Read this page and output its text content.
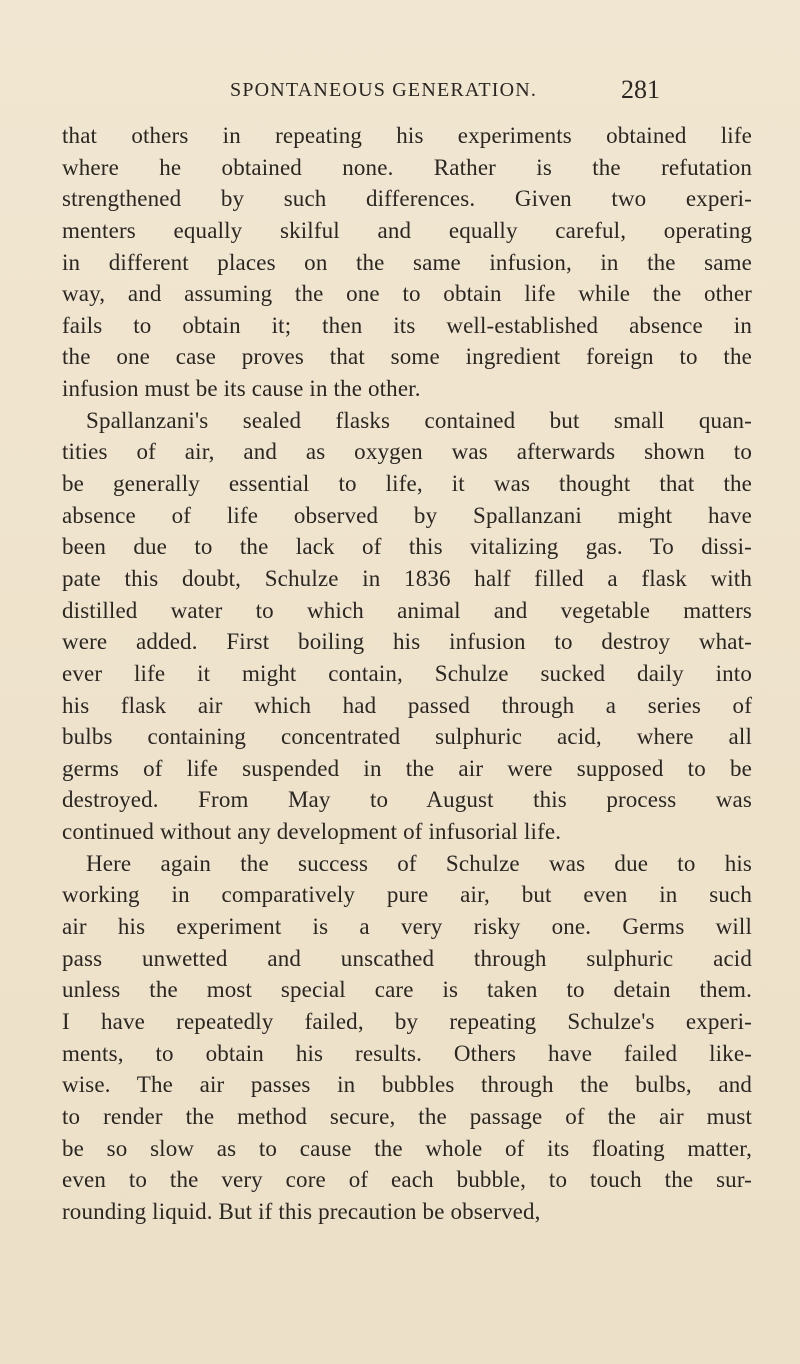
SPONTANEOUS GENERATION.	281
that others in repeating his experiments obtained life
where he obtained none. Rather is the refutation
strengthened by such differences. Given two experi-
menters equally skilful and equally careful, operating
in different places on the same infusion, in the same
way, and assuming the one to obtain life while the other
fails to obtain it; then its well-established absence in
the one case proves that some ingredient foreign to the
infusion must be its cause in the other.
Spallanzani's sealed flasks contained but small quan-
tities of air, and as oxygen was afterwards shown to
be generally essential to life, it was thought that the
absence of life observed by Spallanzani might have
been due to the lack of this vitalizing gas. To dissi-
pate this doubt, Schulze in 1836 half filled a flask with
distilled water to which animal and vegetable matters
were added. First boiling his infusion to destroy what-
ever life it might contain, Schulze sucked daily into
his flask air which had passed through a series of
bulbs containing concentrated sulphuric acid, where all
germs of life suspended in the air were supposed to be
destroyed. From May to August this process was
continued without any development of infusorial life.
Here again the success of Schulze was due to his
working in comparatively pure air, but even in such
air his experiment is a very risky one. Germs will
pass unwetted and unscathed through sulphuric acid
unless the most special care is taken to detain them.
I have repeatedly failed, by repeating Schulze's experi-
ments, to obtain his results. Others have failed like-
wise. The air passes in bubbles through the bulbs, and
to render the method secure, the passage of the air must
be so slow as to cause the whole of its floating matter,
even to the very core of each bubble, to touch the sur-
rounding liquid. But if this precaution be observed,
